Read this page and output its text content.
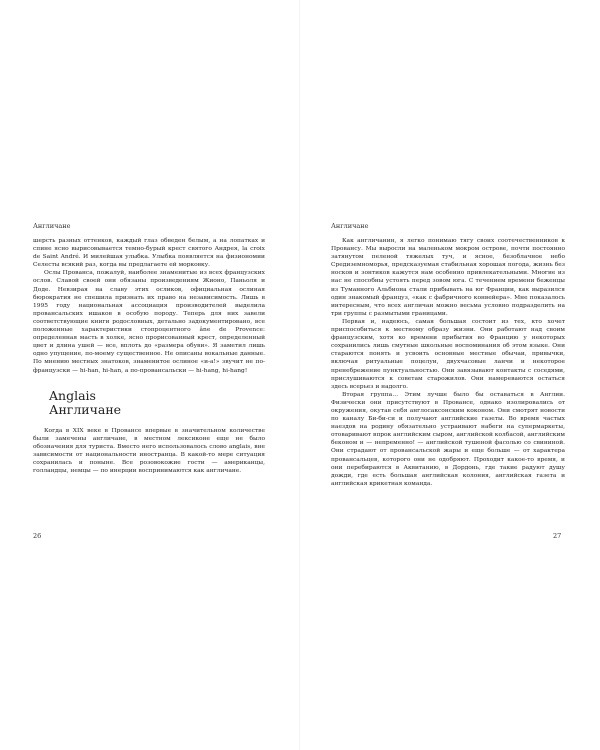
Англичане

шерсть разных оттенков, каждый глаз обведен белым, а на лопатках и спине ясно вырисовывается темно-бурый крест святого Андрея, la croix de Saint André. И милейшая улыбка. Улыбка появляется на физиономии Селесты всякий раз, когда вы предлагаете ей морковку.

Ослы Прованса, пожалуй, наиболее знаменитые из всех французских ослов. Славой своей они обязаны произведениям Жионо, Паньоля и Доде. Невзирая на славу этих осликов, официальная ослиная бюрократия не спешила признать их право на независимость. Лишь в 1995 году национальная ассоциация производителей выделила провансальских ишаков в особую породу. Теперь для них завели соответствующие книги родословных, детально задокументировано, все положенные характеристики стопроцентного âne de Provence: определенная масть в холке, ясно прорисованный крест, определенный цвет и длина ушей — все, вплоть до «размера обуви». Я заметил лишь одно упущение, по-моему существенное. Не описаны вокальные данные. По мнению местных знатоков, знаменитое ослиное «и-а!» звучит не по-французски — hi-han, hi-han, а по-провансальски — hi-hang, hi-hang!

Anglais
Англичане

Когда в XIX веке в Провансе впервые в значительном количестве были замечены англичане, в местном лексиконе еще не было обозначения для туриста. Вместо него использовалось слово anglais, вне зависимости от национальности иностранца. В какой-то мере ситуация сохранилась и поныне. Все розовокожие гости — американцы, голландцы, немцы — по инерции воспринимаются как англичане.

26
Англичане

Как англичанин, я легко понимаю тягу своих соотечественников к Провансу. Мы выросли на маленьком мокром острове, почти постоянно затянутом пеленой тяжелых туч, и ясное, безоблачное небо Средиземноморья, предсказуемая стабильная хорошая погода, жизнь без носков и зонтиков кажутся нам особенно привлекательными. Многие из нас не способны устоять перед зовом юга. С течением времени беженцы из Туманного Альбиона стали прибывать на юг Франции, как выразился один знакомый француз, «как с фабричного конвейера». Мне показалось интересным, что всех англичан можно весьма условно подразделить на три группы с размытыми границами.

Первая и, надеюсь, самая большая состоит из тех, кто хочет приспособиться к местному образу жизни. Они работают над своим французским, хотя ко времени прибытия во Францию у некоторых сохранились лишь смутные школьные воспоминания об этом языке. Они стараются понять и усвоить основные местные обычаи, привычки, включая ритуальные поцелуи, двухчасовые ланчи и некоторое пренебрежение пунктуальностью. Они завязывают контакты с соседями, прислушиваются к советам старожилов. Они намереваются остаться здесь всерьез и надолго.

Вторая группа… Этим лучше было бы оставаться в Англии. Физически они присутствуют в Провансе, однако изолировались от окружения, окутав себя англосаксонским коконом. Они смотрят новости по каналу Би-би-си и получают английские газеты. Во время частых наездов на родину обязательно устраивают набеги на супермаркеты, отоваривают впрок английским сыром, английской колбасой, английским беконом и — непременно! — английской тушеной фасолью со свининой. Они страдают от провансальской жары и еще больше — от характера провансальцев, которого они не одобряют. Проходит какое-то время, и они перебираются в Аквитанию, в Дордонь, где такие радуют душу дожди, где есть большая английская колония, английская газета и английская крикетная команда.

27
